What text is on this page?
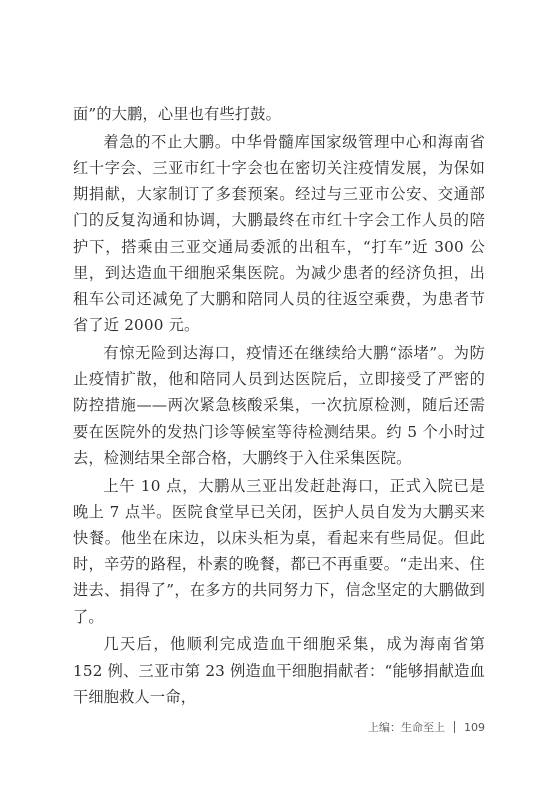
面”的大鹏，心里也有些打鼓。

着急的不止大鹏。中华骨髓库国家级管理中心和海南省红十字会、三亚市红十字会也在密切关注疫情发展，为保如期捐献，大家制订了多套预案。经过与三亚市公安、交通部门的反复沟通和协调，大鹏最终在市红十字会工作人员的陪护下，搭乘由三亚交通局委派的出租车，“打车”近 300 公里，到达造血干细胞采集医院。为减少患者的经济负担，出租车公司还减免了大鹏和陪同人员的往返空乘费，为患者节省了近 2000 元。

有惊无险到达海口，疫情还在继续给大鹏“添堵”。为防止疫情扩散，他和陪同人员到达医院后，立即接受了严密的防控措施——两次紧急核酸采集，一次抗原检测，随后还需要在医院外的发热门诊等候室等待检测结果。约 5 个小时过去，检测结果全部合格，大鹏终于入住采集医院。

上午 10 点，大鹏从三亚出发赶赴海口，正式入院已是晚上 7 点半。医院食堂早已关闭，医护人员自发为大鹏买来快餐。他坐在床边，以床头柜为桌，看起来有些局促。但此时，辛劳的路程，朴素的晚餐，都已不再重要。“走出来、住进去、捐得了”，在多方的共同努力下，信念坚定的大鹏做到了。

几天后，他顺利完成造血干细胞采集，成为海南省第 152 例、三亚市第 23 例造血干细胞捐献者：“能够捐献造血干细胞救人一命，

上编：生命至上 109
